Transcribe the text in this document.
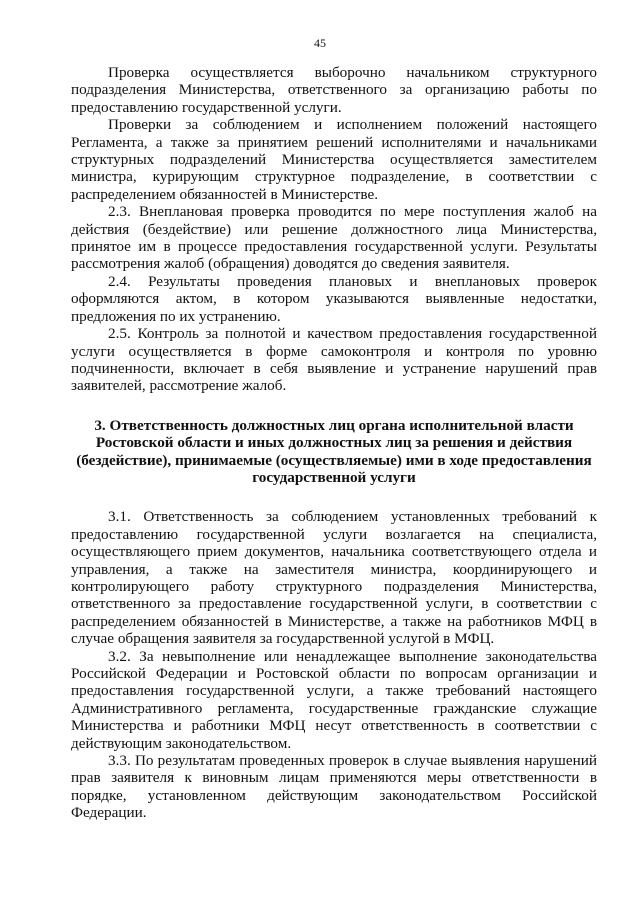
45

Проверка осуществляется выборочно начальником структурного подразделения Министерства, ответственного за организацию работы по предоставлению государственной услуги.

Проверки за соблюдением и исполнением положений настоящего Регламента, а также за принятием решений исполнителями и начальниками структурных подразделений Министерства осуществляется заместителем министра, курирующим структурное подразделение, в соответствии с распределением обязанностей в Министерстве.

2.3. Внеплановая проверка проводится по мере поступления жалоб на действия (бездействие) или решение должностного лица Министерства, принятое им в процессе предоставления государственной услуги. Результаты рассмотрения жалоб (обращения) доводятся до сведения заявителя.

2.4. Результаты проведения плановых и внеплановых проверок оформляются актом, в котором указываются выявленные недостатки, предложения по их устранению.

2.5. Контроль за полнотой и качеством предоставления государственной услуги осуществляется в форме самоконтроля и контроля по уровню подчиненности, включает в себя выявление и устранение нарушений прав заявителей, рассмотрение жалоб.

3. Ответственность должностных лиц органа исполнительной власти Ростовской области и иных должностных лиц за решения и действия (бездействие), принимаемые (осуществляемые) ими в ходе предоставления государственной услуги

3.1. Ответственность за соблюдением установленных требований к предоставлению государственной услуги возлагается на специалиста, осуществляющего прием документов, начальника соответствующего отдела и управления, а также на заместителя министра, координирующего и контролирующего работу структурного подразделения Министерства, ответственного за предоставление государственной услуги, в соответствии с распределением обязанностей в Министерстве, а также на работников МФЦ в случае обращения заявителя за государственной услугой в МФЦ.

3.2. За невыполнение или ненадлежащее выполнение законодательства Российской Федерации и Ростовской области по вопросам организации и предоставления государственной услуги, а также требований настоящего Административного регламента, государственные гражданские служащие Министерства и работники МФЦ несут ответственность в соответствии с действующим законодательством.

3.3. По результатам проведенных проверок в случае выявления нарушений прав заявителя к виновным лицам применяются меры ответственности в порядке, установленном действующим законодательством Российской Федерации.
